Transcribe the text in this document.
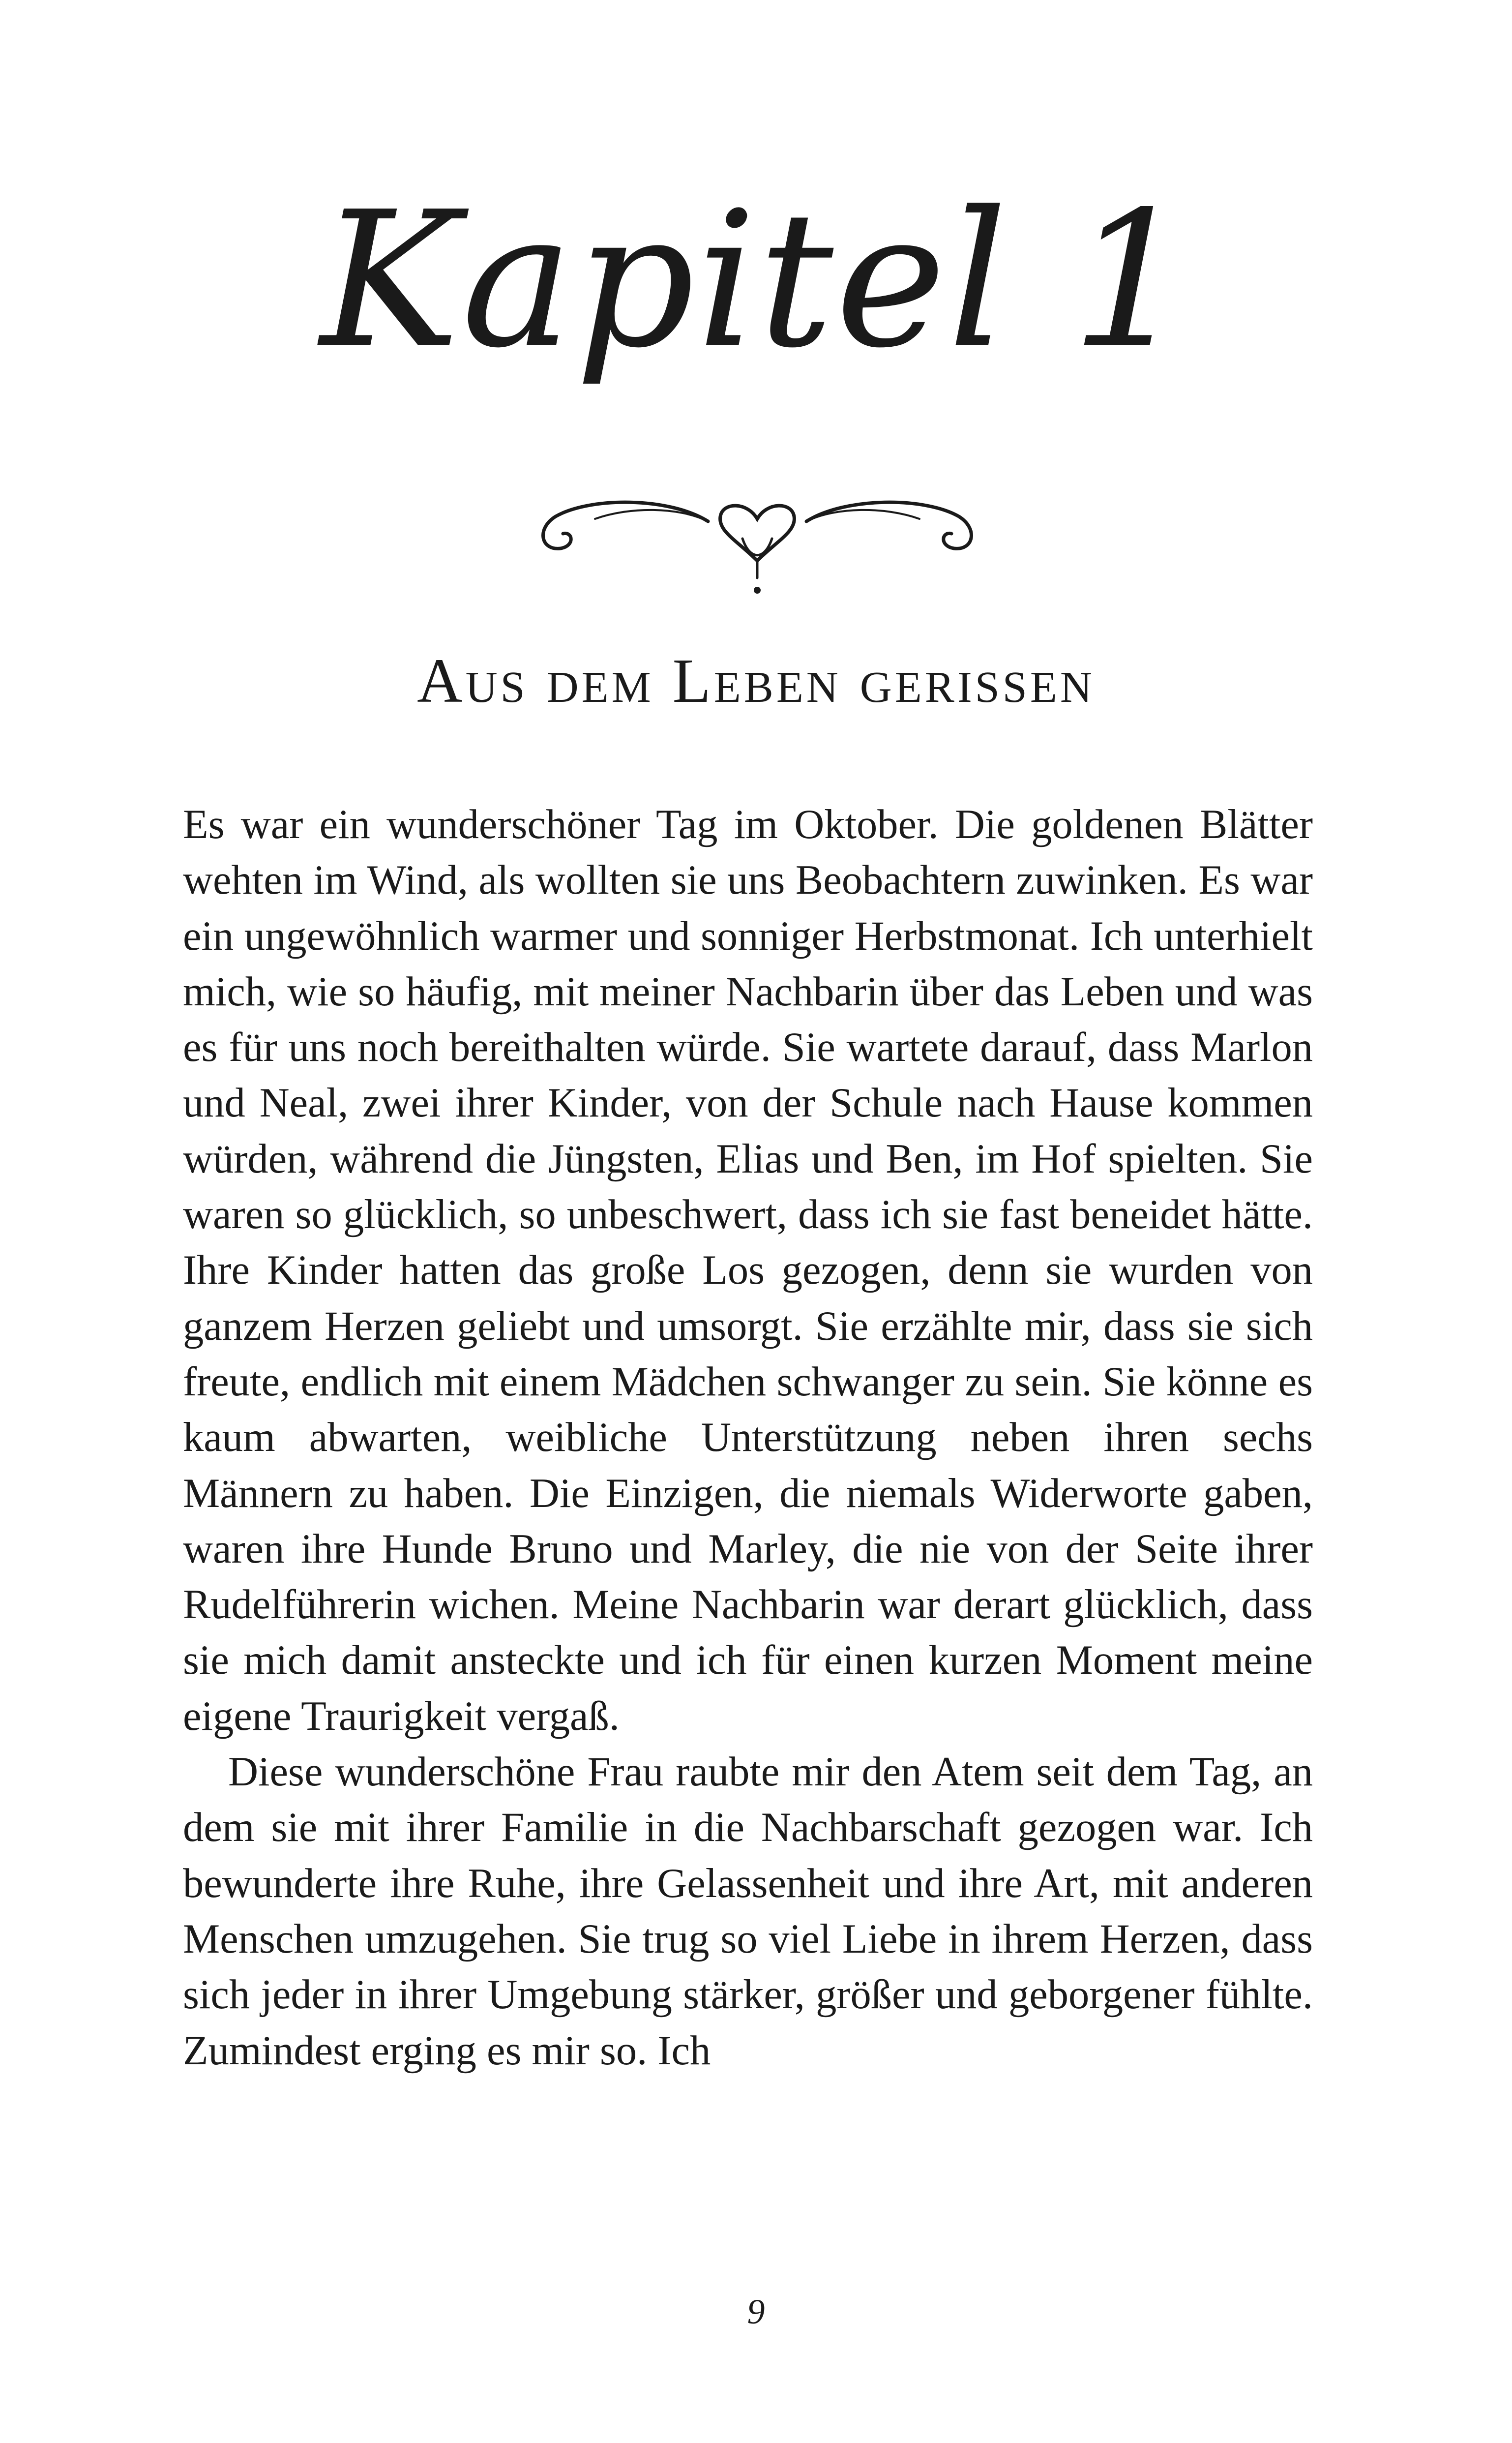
Kapitel 1
Aus dem Leben gerissen

Es war ein wunderschöner Tag im Oktober. Die goldenen Blätter wehten im Wind, als wollten sie uns Beobachtern zuwinken. Es war ein ungewöhnlich warmer und sonniger Herbstmonat. Ich unterhielt mich, wie so häufig, mit meiner Nachbarin über das Leben und was es für uns noch bereithalten würde. Sie wartete darauf, dass Marlon und Neal, zwei ihrer Kinder, von der Schule nach Hause kommen würden, während die Jüngsten, Elias und Ben, im Hof spielten. Sie waren so glücklich, so unbeschwert, dass ich sie fast beneidet hätte. Ihre Kinder hatten das große Los gezogen, denn sie wurden von ganzem Herzen geliebt und umsorgt. Sie erzählte mir, dass sie sich freute, endlich mit einem Mädchen schwanger zu sein. Sie könne es kaum abwarten, weibliche Unterstützung neben ihren sechs Männern zu haben. Die Einzigen, die niemals Widerworte gaben, waren ihre Hunde Bruno und Marley, die nie von der Seite ihrer Rudelführerin wichen. Meine Nachbarin war derart glücklich, dass sie mich damit ansteckte und ich für einen kurzen Moment meine eigene Traurigkeit vergaß.

Diese wunderschöne Frau raubte mir den Atem seit dem Tag, an dem sie mit ihrer Familie in die Nachbarschaft gezogen war. Ich bewunderte ihre Ruhe, ihre Gelassenheit und ihre Art, mit anderen Menschen umzugehen. Sie trug so viel Liebe in ihrem Herzen, dass sich jeder in ihrer Umgebung stärker, größer und geborgener fühlte. Zumindest erging es mir so. Ich

9
